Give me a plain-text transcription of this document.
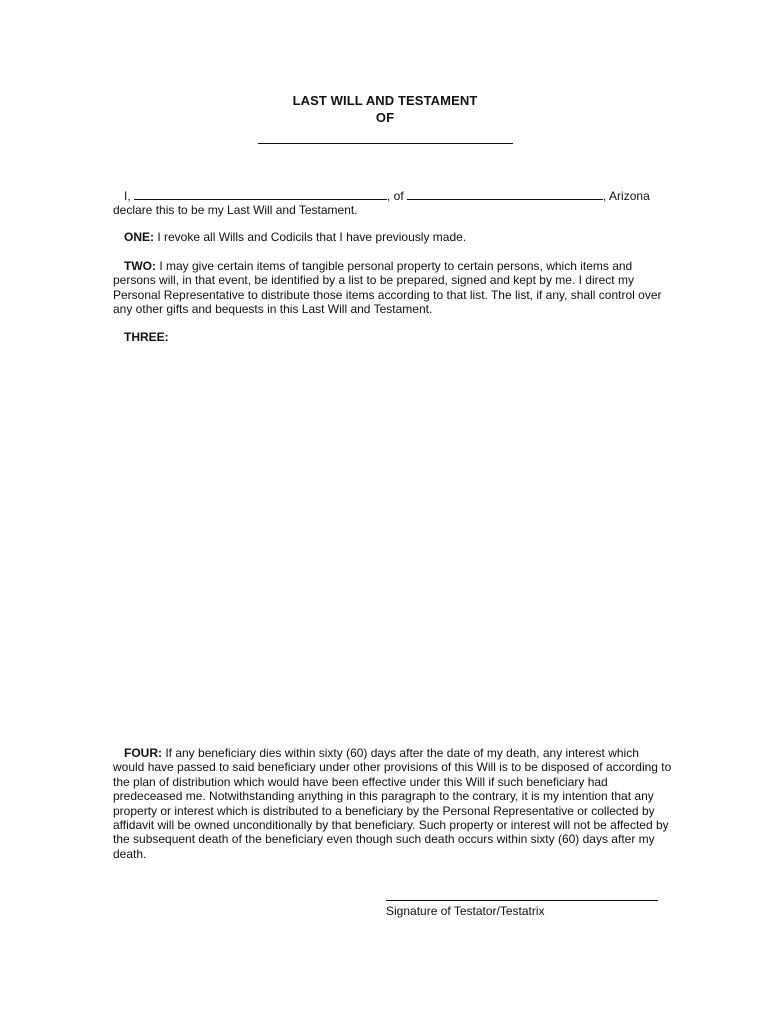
LAST WILL AND TESTAMENT
OF
I,	, of	, Arizona
declare this to be my Last Will and Testament.
ONE: I revoke all Wills and Codicils that I have previously made.
TWO: I may give certain items of tangible personal property to certain persons, which items and persons will, in that event, be identified by a list to be prepared, signed and kept by me. I direct my Personal Representative to distribute those items according to that list. The list, if any, shall control over any other gifts and bequests in this Last Will and Testament.
THREE:
FOUR: If any beneficiary dies within sixty (60) days after the date of my death, any interest which would have passed to said beneficiary under other provisions of this Will is to be disposed of according to the plan of distribution which would have been effective under this Will if such beneficiary had predeceased me. Notwithstanding anything in this paragraph to the contrary, it is my intention that any property or interest which is distributed to a beneficiary by the Personal Representative or collected by affidavit will be owned unconditionally by that beneficiary. Such property or interest will not be affected by the subsequent death of the beneficiary even though such death occurs within sixty (60) days after my death.
Signature of Testator/Testatrix
